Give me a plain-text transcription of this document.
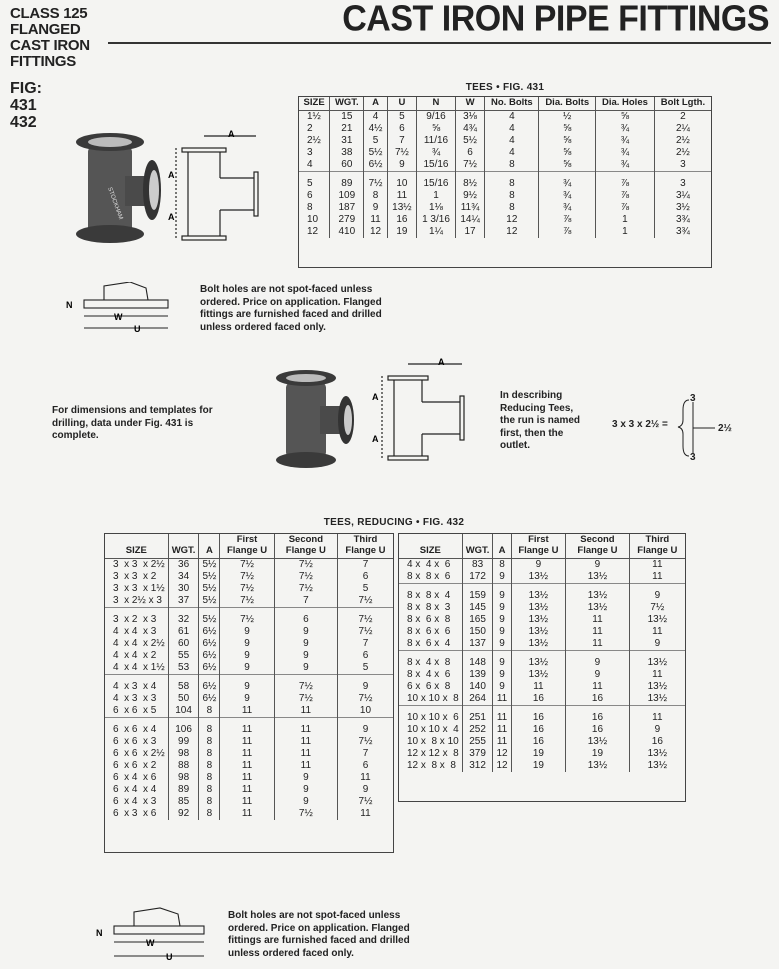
CLASS 125
FLANGED
CAST IRON
FITTINGS
FIG:
431
432
CAST IRON PIPE FITTINGS
STOCKHAM
A
A
A
W
U
N
TEES • FIG. 431
SIZE	WGT.	A	U	N	W	No. Bolts	Dia. Bolts	Dia. Holes	Bolt Lgth.
1½	15	4	5	9/16	3⅛	4	½	⅝	2
2	21	4½	6	⅝	4¾	4	⅝	¾	2¼
2½	31	5	7	11/16	5½	4	⅝	¾	2½
3	38	5½	7½	¾	6	4	⅝	¾	2½
4	60	6½	9	15/16	7½	8	⅝	¾	3
5	89	7½	10	15/16	8½	8	¾	⅞	3
6	109	8	11	1	9½	8	¾	⅞	3¼
8	187	9	13½	1⅛	11¾	8	¾	⅞	3½
10	279	11	16	1 3/16	14¼	12	⅞	1	3¾
12	410	12	19	1¼	17	12	⅞	1	3¾
Bolt holes are not spot-faced unless
ordered. Price on application. Flanged
fittings are furnished faced and drilled
unless ordered faced only.
A
A
A
For dimensions and templates for
drilling, data under Fig. 431 is
complete.
In describing
Reducing Tees,
the run is named
first, then the
outlet.
3 x 3 x 2½ =
3
2½
3
TEES, REDUCING • FIG. 432
SIZE	WGT.	A	First Flange U	Second Flange U	Third Flange U
3  x 3  x 2½	36	5½	7½	7½	7
3  x 3  x 2	34	5½	7½	7½	6
3  x 3  x 1½	30	5½	7½	7½	5
3  x 2½ x 3	37	5½	7½	7	7½
3  x 2  x 3	32	5½	7½	6	7½
4  x 4  x 3	61	6½	9	9	7½
4  x 4  x 2½	60	6½	9	9	7
4  x 4  x 2	55	6½	9	9	6
4  x 4  x 1½	53	6½	9	9	5
4  x 3  x 4	58	6½	9	7½	9
4  x 3  x 3	50	6½	9	7½	7½
6  x 6  x 5	104	8	11	11	10
6  x 6  x 4	106	8	11	11	9
6  x 6  x 3	99	8	11	11	7½
6  x 6  x 2½	98	8	11	11	7
6  x 6  x 2	88	8	11	11	6
6  x 4  x 6	98	8	11	9	11
6  x 4  x 4	89	8	11	9	9
6  x 4  x 3	85	8	11	9	7½
6  x 3  x 6	92	8	11	7½	11
SIZE	WGT.	A	First Flange U	Second Flange U	Third Flange U
4 x  4 x  6	83	8	9	9	11
8 x  8 x  6	172	9	13½	13½	11
8 x  8 x  4	159	9	13½	13½	9
8 x  8 x  3	145	9	13½	13½	7½
8 x  6 x  8	165	9	13½	11	13½
8 x  6 x  6	150	9	13½	11	11
8 x  6 x  4	137	9	13½	11	9
8 x  4 x  8	148	9	13½	9	13½
8 x  4 x  6	139	9	13½	9	11
6 x  6 x  8	140	9	11	11	13½
10 x 10 x  8	264	11	16	16	13½
10 x 10 x  6	251	11	16	16	11
10 x 10 x  4	252	11	16	16	9
10 x  8 x 10	255	11	16	13½	16
12 x 12 x  8	379	12	19	19	13½
12 x  8 x  8	312	12	19	13½	13½
W
U
N
Bolt holes are not spot-faced unless
ordered. Price on application. Flanged
fittings are furnished faced and drilled
unless ordered faced only.
